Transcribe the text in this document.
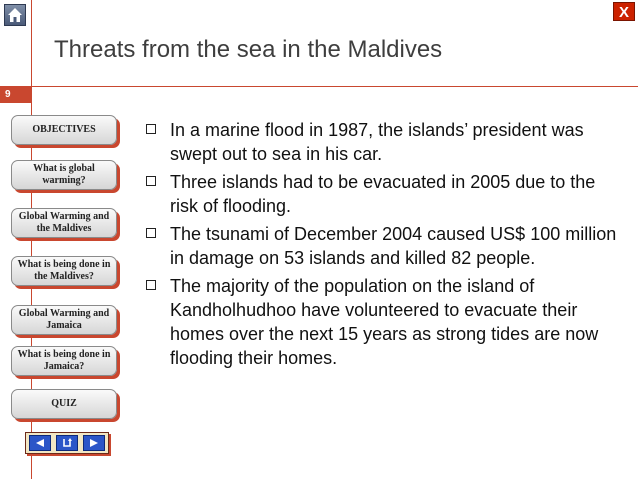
X
Threats from the sea in the Maldives
9
OBJECTIVES
What is global warming?
Global Warming and the Maldives
What is being done in the Maldives?
Global Warming and Jamaica
What is being done in Jamaica?
QUIZ
In a marine flood in 1987, the islands’ president was swept out to sea in his car.
Three islands had to be evacuated in 2005 due to the risk of flooding.
The tsunami of December 2004 caused US$ 100 million in damage on 53 islands and killed 82 people.
The majority of the population on the island of Kandholhudhoo have volunteered to evacuate their homes over the next 15 years as strong tides are now flooding their homes.
